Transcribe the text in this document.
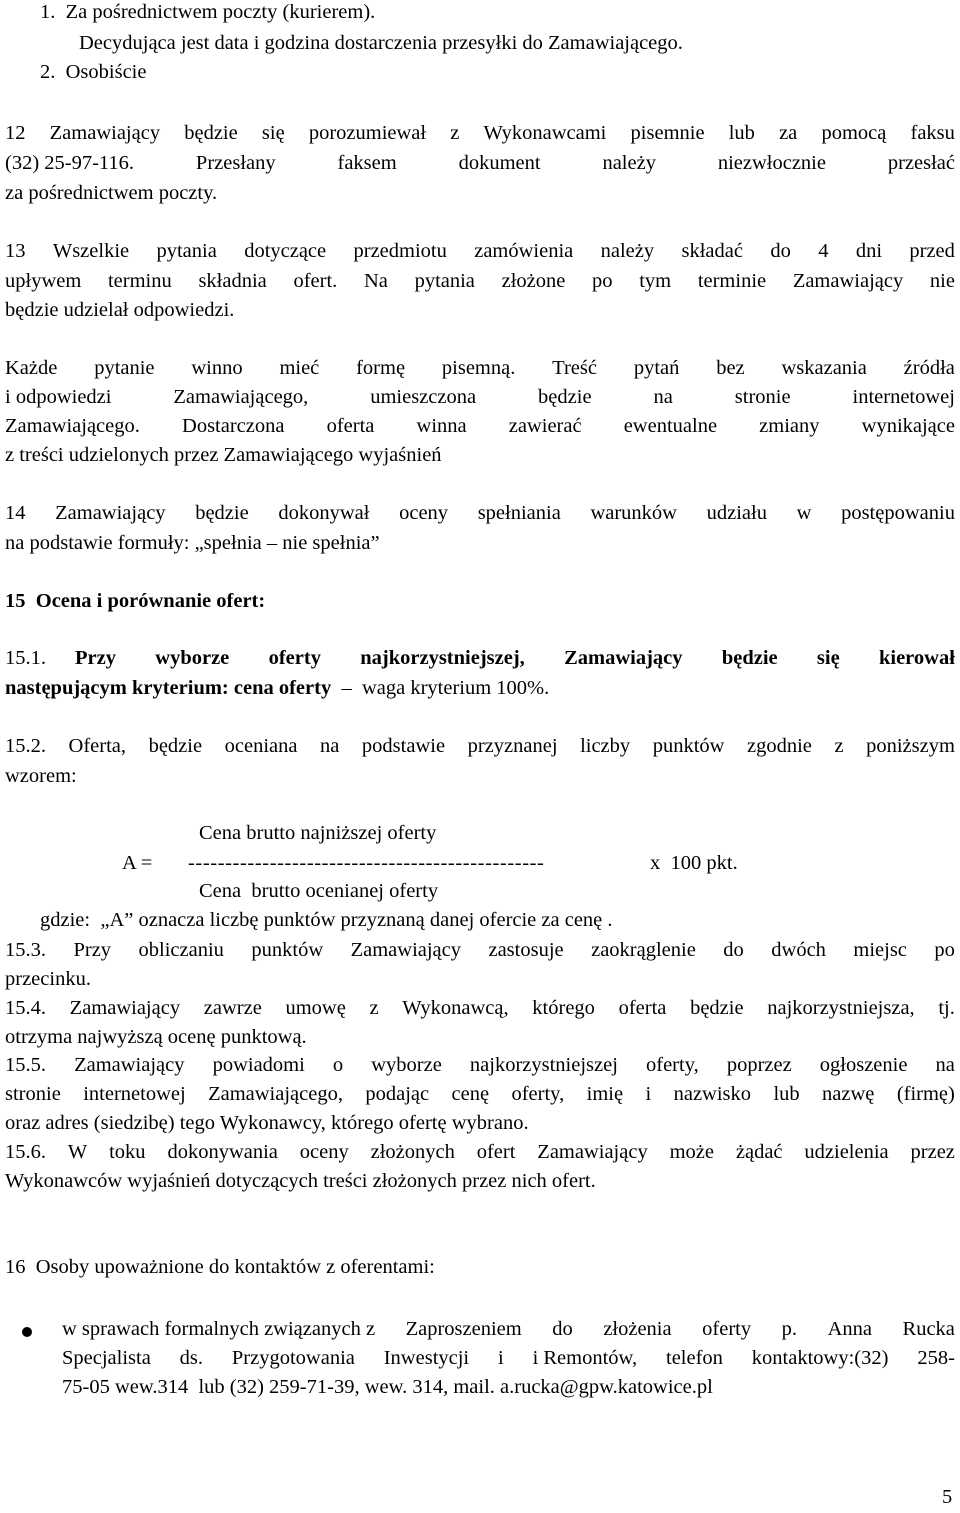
1.  Za pośrednictwem poczty (kurierem).
Decydująca jest data i godzina dostarczenia przesyłki do Zamawiającego.
2.  Osobiście
12 Zamawiający będzie się porozumiewał z Wykonawcami pisemnie lub za pomocą faksu
(32) 25-97-116.	Przesłany	faksem	dokument	należy	niezwłocznie	przesłać
za pośrednictwem poczty.
13 Wszelkie pytania dotyczące przedmiotu zamówienia należy składać do 4 dni przed
upływem terminu składnia ofert. Na pytania złożone po tym terminie Zamawiający nie
będzie udzielał odpowiedzi.
Każde pytanie winno mieć formę pisemną. Treść pytań bez wskazania źródła
i odpowiedzi	Zamawiającego,	umieszczona	będzie	na	stronie	internetowej
Zamawiającego. Dostarczona oferta winna zawierać ewentualne zmiany wynikające
z treści udzielonych przez Zamawiającego wyjaśnień
14 Zamawiający będzie dokonywał oceny spełniania warunków udziału w postępowaniu
na podstawie formuły: „spełnia – nie spełnia”
15  Ocena i porównanie ofert:
15.1. Przy wyborze oferty najkorzystniejszej, Zamawiający będzie się kierował
następującym kryterium: cena oferty  –  waga kryterium 100%.
15.2. Oferta, będzie oceniana na podstawie przyznanej liczby punktów zgodnie z poniższym
wzorem:
Cena brutto najniższej oferty
A = ------------------------------------------------	x  100 pkt.
Cena  brutto ocenianej oferty
gdzie:  „A” oznacza liczbę punktów przyznaną danej ofercie za cenę .
15.3. Przy obliczaniu punktów Zamawiający zastosuje zaokrąglenie do dwóch miejsc po
przecinku.
15.4. Zamawiający zawrze umowę z Wykonawcą, którego oferta będzie najkorzystniejsza, tj.
otrzyma najwyższą ocenę punktową.
15.5. Zamawiający powiadomi o wyborze najkorzystniejszej oferty, poprzez ogłoszenie na
stronie internetowej Zamawiającego, podając cenę oferty, imię i nazwisko lub nazwę (firmę)
oraz adres (siedzibę) tego Wykonawcy, którego ofertę wybrano.
15.6. W toku dokonywania oceny złożonych ofert Zamawiający może żądać udzielenia przez
Wykonawców wyjaśnień dotyczących treści złożonych przez nich ofert.
16  Osoby upoważnione do kontaktów z oferentami:
w sprawach formalnych związanych z Zaproszeniem do złożenia oferty p. Anna Rucka
Specjalista ds. Przygotowania Inwestycji i i Remontów, telefon kontaktowy:(32) 258-
75-05 wew.314  lub (32) 259-71-39, wew. 314, mail. a.rucka@gpw.katowice.pl
5
